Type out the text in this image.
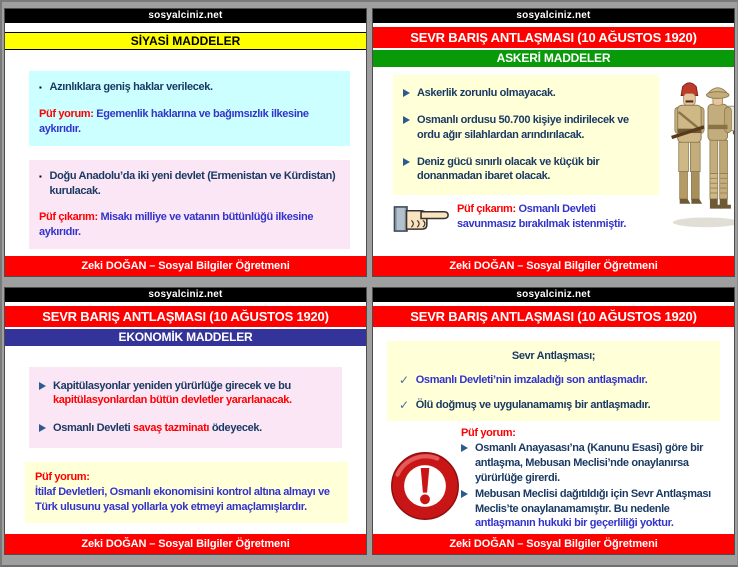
sosyalciniz.net
SİYASİ MADDELER
▪ Azınlıklara geniş haklar verilecek.
Püf yorum: Egemenlik haklarına ve bağımsızlık ilkesine aykırıdır.
▪ Doğu Anadolu’da iki yeni devlet (Ermenistan ve Kürdistan) kurulacak.
Püf çıkarım: Misakı milliye ve vatanın bütünlüğü ilkesine aykırıdır.
Zeki DOĞAN – Sosyal Bilgiler Öğretmeni
sosyalciniz.net
SEVR BARIŞ ANTLAŞMASI (10 AĞUSTOS 1920)
ASKERİ MADDELER
Askerlik zorunlu olmayacak.
Osmanlı ordusu 50.700 kişiye indirilecek ve ordu ağır silahlardan arındırılacak.
Deniz gücü sınırlı olacak ve küçük bir donanmadan ibaret olacak.
Püf çıkarım: Osmanlı Devleti savunmasız bırakılmak istenmiştir.
Zeki DOĞAN – Sosyal Bilgiler Öğretmeni
sosyalciniz.net
SEVR BARIŞ ANTLAŞMASI (10 AĞUSTOS 1920)
EKONOMİK MADDELER
Kapitülasyonlar yeniden yürürlüğe girecek ve bu kapitülasyonlardan bütün devletler yararlanacak.
Osmanlı Devleti savaş tazminatı ödeyecek.
Püf yorum:
İtilaf Devletleri, Osmanlı ekonomisini kontrol altına almayı ve Türk ulusunu yasal yollarla yok etmeyi amaçlamışlardır.
Zeki DOĞAN – Sosyal Bilgiler Öğretmeni
sosyalciniz.net
SEVR BARIŞ ANTLAŞMASI (10 AĞUSTOS 1920)
Sevr Antlaşması;
✓ Osmanlı Devleti’nin imzaladığı son antlaşmadır.
✓ Ölü doğmuş ve uygulanamamış bir antlaşmadır.
Püf yorum:
Osmanlı Anayasası’na (Kanunu Esasi) göre bir antlaşma, Mebusan Meclisi’nde onaylanırsa yürürlüğe girerdi.
Mebusan Meclisi dağıtıldığı için Sevr Antlaşması Meclis’te onaylanamamıştır. Bu nedenle antlaşmanın hukuki bir geçerliliği yoktur.
Zeki DOĞAN – Sosyal Bilgiler Öğretmeni
